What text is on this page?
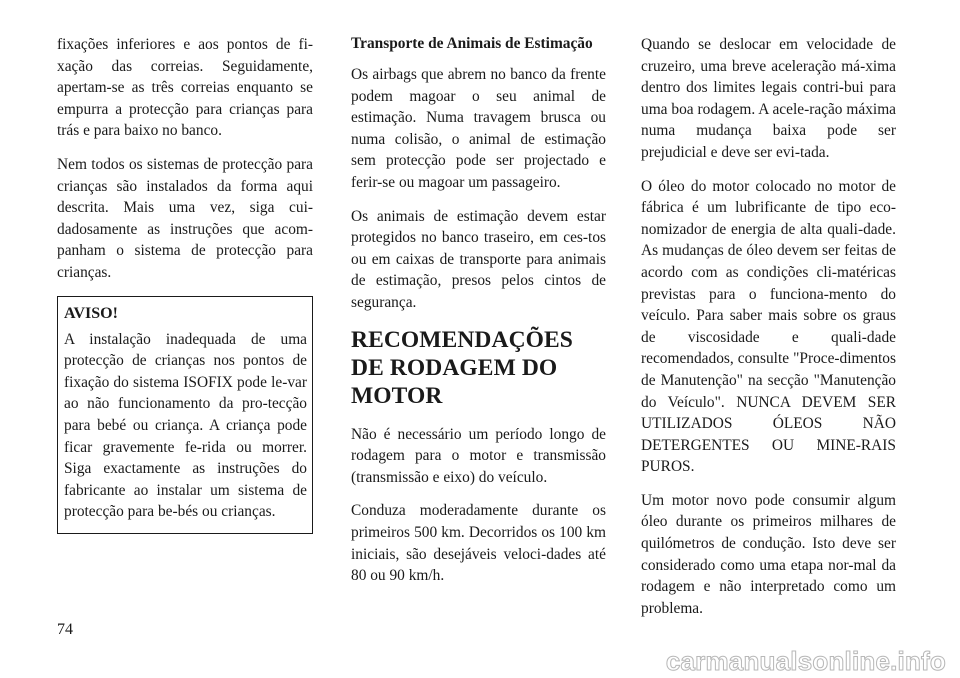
fixações inferiores e aos pontos de fi-xação das correias. Seguidamente, apertam-se as três correias enquanto se empurra a protecção para crianças para trás e para baixo no banco.

Nem todos os sistemas de protecção para crianças são instalados da forma aqui descrita. Mais uma vez, siga cui-dadosamente as instruções que acom-panham o sistema de protecção para crianças.

AVISO!

A instalação inadequada de uma protecção de crianças nos pontos de fixação do sistema ISOFIX pode le-var ao não funcionamento da pro-tecção para bebé ou criança. A criança pode ficar gravemente fe-rida ou morrer. Siga exactamente as instruções do fabricante ao instalar um sistema de protecção para be-bés ou crianças.

Transporte de Animais de Estimação

Os airbags que abrem no banco da frente podem magoar o seu animal de estimação. Numa travagem brusca ou numa colisão, o animal de estimação sem protecção pode ser projectado e ferir-se ou magoar um passageiro.

Os animais de estimação devem estar protegidos no banco traseiro, em ces-tos ou em caixas de transporte para animais de estimação, presos pelos cintos de segurança.

RECOMENDAÇÕES DE RODAGEM DO MOTOR

Não é necessário um período longo de rodagem para o motor e transmissão (transmissão e eixo) do veículo.

Conduza moderadamente durante os primeiros 500 km. Decorridos os 100 km iniciais, são desejáveis veloci-dades até 80 ou 90 km/h.

Quando se deslocar em velocidade de cruzeiro, uma breve aceleração má-xima dentro dos limites legais contri-bui para uma boa rodagem. A acele-ração máxima numa mudança baixa pode ser prejudicial e deve ser evi-tada.

O óleo do motor colocado no motor de fábrica é um lubrificante de tipo eco-nomizador de energia de alta quali-dade. As mudanças de óleo devem ser feitas de acordo com as condições cli-matéricas previstas para o funciona-mento do veículo. Para saber mais sobre os graus de viscosidade e quali-dade recomendados, consulte "Proce-dimentos de Manutenção" na secção "Manutenção do Veículo". NUNCA DEVEM SER UTILIZADOS ÓLEOS NÃO DETERGENTES OU MINE-RAIS PUROS.

Um motor novo pode consumir algum óleo durante os primeiros milhares de quilómetros de condução. Isto deve ser considerado como uma etapa nor-mal da rodagem e não interpretado como um problema.

74
carmanualsonline.info
